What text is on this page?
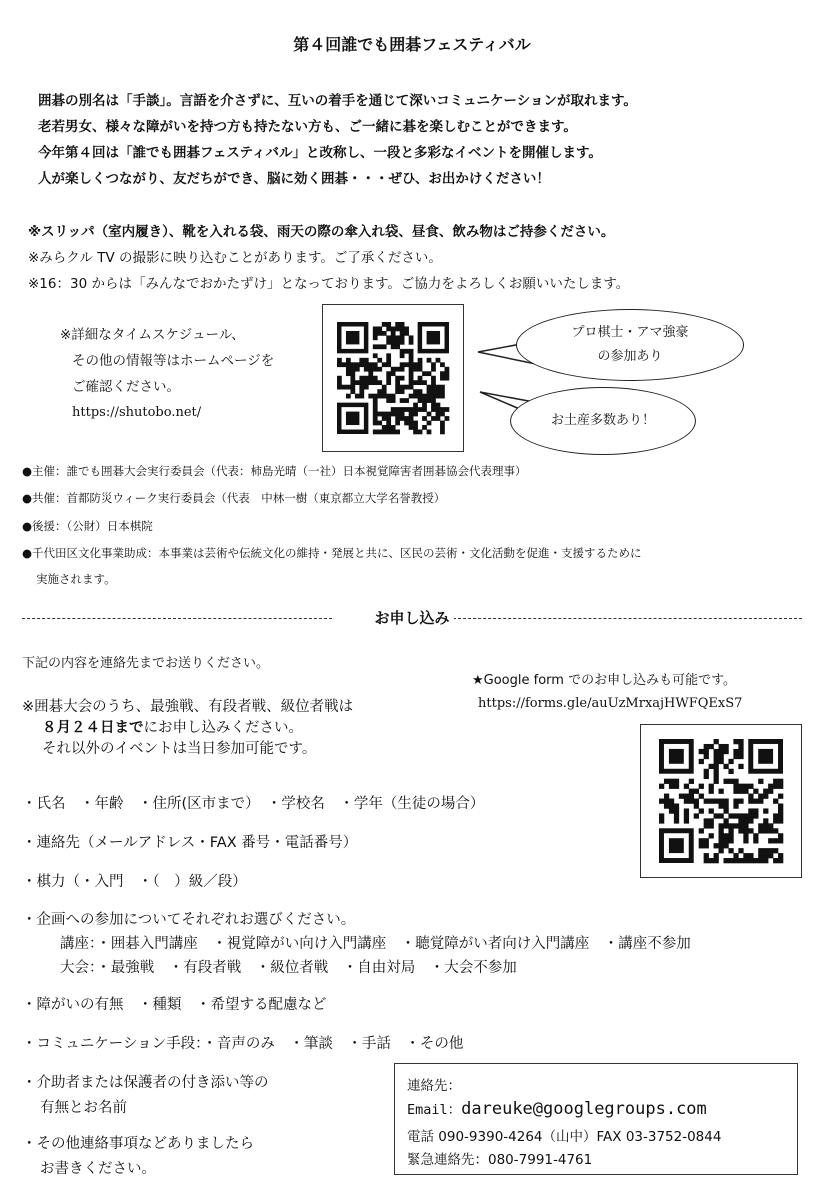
第４回誰でも囲碁フェスティバル
囲碁の別名は「手談」。言語を介さずに、互いの着手を通じて深いコミュニケーションが取れます。
老若男女、様々な障がいを持つ方も持たない方も、ご一緒に碁を楽しむことができます。
今年第４回は「誰でも囲碁フェスティバル」と改称し、一段と多彩なイベントを開催します。
人が楽しくつながり、友だちができ、脳に効く囲碁・・・ぜひ、お出かけください！
※スリッパ（室内履き）、靴を入れる袋、雨天の際の傘入れ袋、昼食、飲み物はご持参ください。
※みらクル TV の撮影に映り込むことがあります。ご了承ください。
※16：30 からは「みんなでおかたずけ」となっております。ご協力をよろしくお願いいたします。
※詳細なタイムスケジュール、
その他の情報等はホームページを
ご確認ください。
https://shutobo.net/
プロ棋士・アマ強豪
の参加あり
お土産多数あり！
●主催：誰でも囲碁大会実行委員会（代表：柿島光晴（一社）日本視覚障害者囲碁協会代表理事）
●共催：首都防災ウィーク実行委員会（代表　中林一樹（東京都立大学名誉教授）
●後援：（公財）日本棋院
●千代田区文化事業助成：本事業は芸術や伝統文化の維持・発展と共に、区民の芸術・文化活動を促進・支援するために
実施されます。
お申し込み
下記の内容を連絡先までお送りください。
※囲碁大会のうち、最強戦、有段者戦、級位者戦は
８月２４日までにお申し込みください。
それ以外のイベントは当日参加可能です。
★Google form でのお申し込みも可能です。
https://forms.gle/auUzMrxajHWFQExS7
・氏名　・年齢　・住所(区市まで）　・学校名　・学年（生徒の場合）
・連絡先（メールアドレス・FAX 番号・電話番号）
・棋力（・入門　・（　）級／段）
・企画への参加についてそれぞれお選びください。
講座：・囲碁入門講座　・視覚障がい向け入門講座　・聴覚障がい者向け入門講座　・講座不参加
大会：・最強戦　・有段者戦　・級位者戦　・自由対局　・大会不参加
・障がいの有無　・種類　・希望する配慮など
・コミュニケーション手段：・音声のみ　・筆談　・手話　・その他
・介助者または保護者の付き添い等の
有無とお名前
・その他連絡事項などありましたら
お書きください。
連絡先：
Email：dareuke@googlegroups.com
電話 090-9390-4264（山中）FAX 03-3752-0844
緊急連絡先：080-7991-4761
